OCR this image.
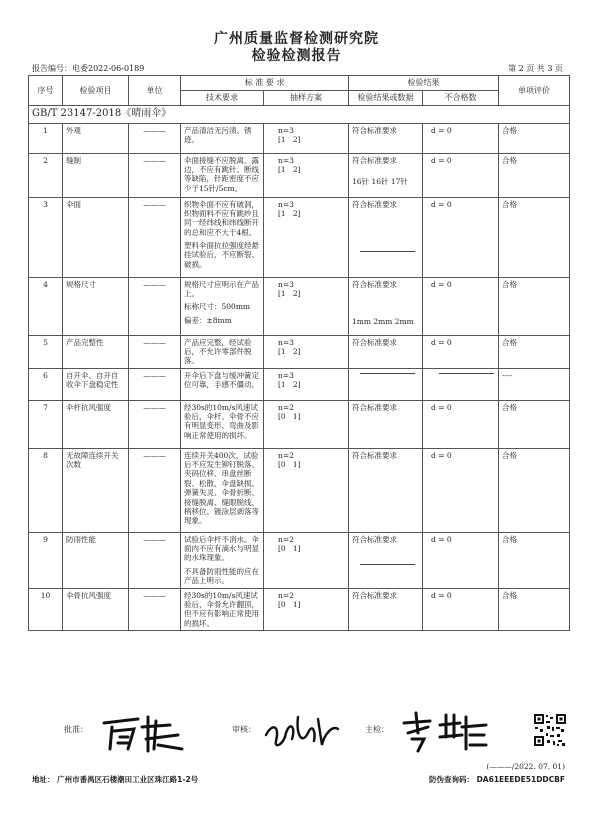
广州质量监督检测研究院
检验检测报告
报告编号：电委2022-06-0189	第 2 页 共 3 页
序号	检验项目	单位	标 准 要 求		检验结果		单项评价
			技术要求	抽样方案	检验结果或数据	不合格数	
GB/T 23147-2018《晴雨伞》							
1	外观	———	产品清洁无污渍、锈迹。	n=3
[1   2]	符合标准要求	d = 0	合格
2	缝制	———	伞面接缝不应脱离、露边，不应有跳针、断线等缺陷，针距密度不应少于15针/5cm。	n=3
[1   2]	符合标准要求
16针 16针 17针	d = 0	合格
3	伞面	———	织物伞面不应有破洞，织物面料不应有跳纱且同一经纬线和纬线断开的总和应不大于4根。
塑料伞面抗拉强度经悬挂试验后，不应断裂、破损。	n=3
[1   2]	符合标准要求	d = 0	合格
4	规格尺寸	———	规格尺寸应明示在产品上。
标称尺寸：500mm
偏差：±8mm	n=3
[1   2]	符合标准要求
1mm 2mm 2mm	d = 0	合格
5	产品完整性	———	产品应完整，经试验后，不允许零部件脱落。	n=3
[1   2]	符合标准要求	d = 0	合格
6	自开伞、自开自收伞下盘稳定性	———	开伞后下盘与缓冲簧定位可靠，手感不僵动。	n=3
[1   2]			----
7	伞杆抗风强度	———	经30s的10m/s风速试验后，伞杆、伞骨不应有明显变形、弯曲及影响正常使用的损坏。	n=2
[0   1]	符合标准要求	d = 0	合格
8	无故障连续开关次数	———	连续开关400次，试验后不应发生铆钉脱落、夹码位移、串盘丝断裂、松散、伞盘缺损、弹簧失灵、伞骨折断、接缝脱离、缝眼脱线、柄移位、镀涂层剥落等现象。	n=2
[0   1]	符合标准要求	d = 0	合格
9	防雨性能	———	试验后伞杆不消水。伞面内不应有滴水与明显的水珠现象。
不具备防雨性能的应在产品上明示。	n=2
[0   1]	符合标准要求	d = 0	合格
10	伞骨抗风强度	———	经30s的10m/s风速试验后，伞骨允许翻顶，但不应有影响正常使用的损坏。	n=2
[0   1]	符合标准要求	d = 0	合格
批准：	审核：	主检：
(———/2022. 07. 01)
地址： 广州市番禺区石楼潮田工业区珠江路1-2号	防伪查询码： DA61EEEDE51DDCBF
